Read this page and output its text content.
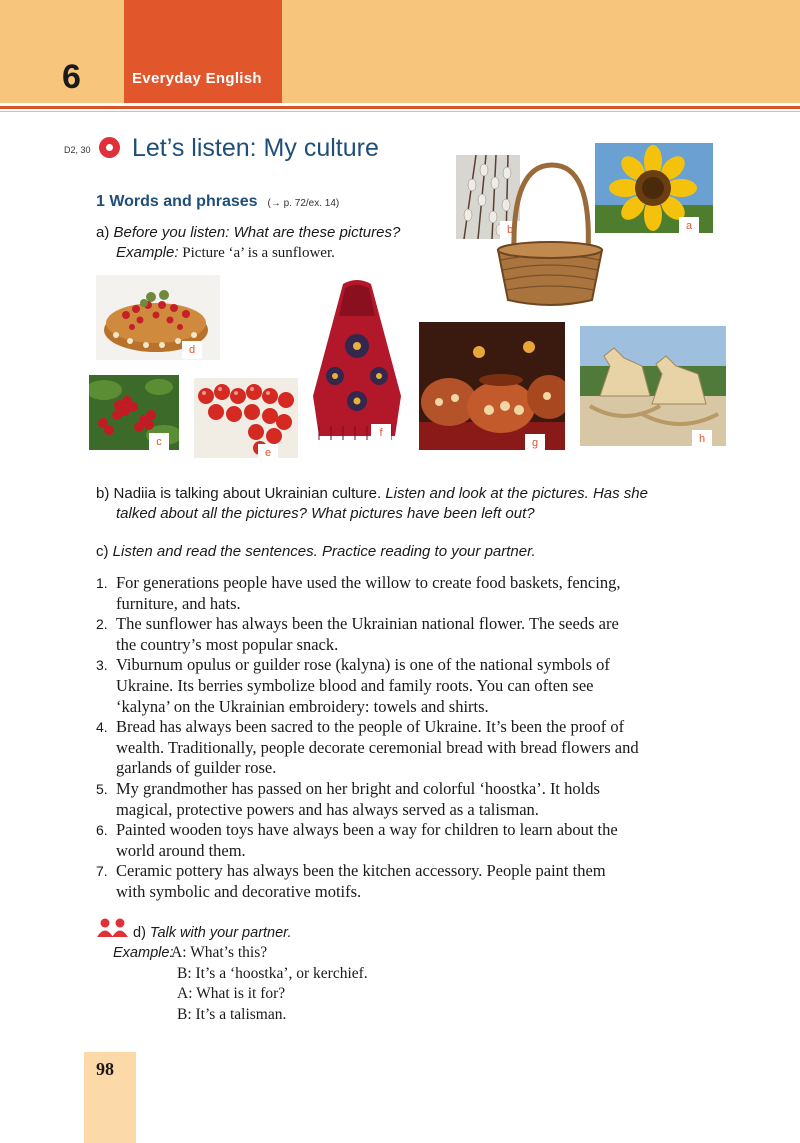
6	Everyday English
D2, 30 Let’s listen: My culture
1 Words and phrases (→ p. 72/ex. 14)
a) Before you listen: What are these pictures?
Example: Picture ‘a’ is a sunflower.
b	a
d
f
c
e
g	h
b) Nadiia is talking about Ukrainian culture. Listen and look at the pictures. Has she
talked about all the pictures? What pictures have been left out?
c) Listen and read the sentences. Practice reading to your partner.
1. For generations people have used the willow to create food baskets, fencing,
furniture, and hats.
2. The sunflower has always been the Ukrainian national flower. The seeds are
the country’s most popular snack.
3. Viburnum opulus or guilder rose (kalyna) is one of the national symbols of
Ukraine. Its berries symbolize blood and family roots. You can often see
‘kalyna’ on the Ukrainian embroidery: towels and shirts.
4. Bread has always been sacred to the people of Ukraine. It’s been the proof of
wealth. Traditionally, people decorate ceremonial bread with bread flowers and
garlands of guilder rose.
5. My grandmother has passed on her bright and colorful ‘hoostka’. It holds
magical, protective powers and has always served as a talisman.
6. Painted wooden toys have always been a way for children to learn about the
world around them.
7. Ceramic pottery has always been the kitchen accessory. People paint them
with symbolic and decorative motifs.
d) Talk with your partner.
Example:
A: What’s this?
B: It’s a ‘hoostka’, or kerchief.
A: What is it for?
B: It’s a talisman.
98
